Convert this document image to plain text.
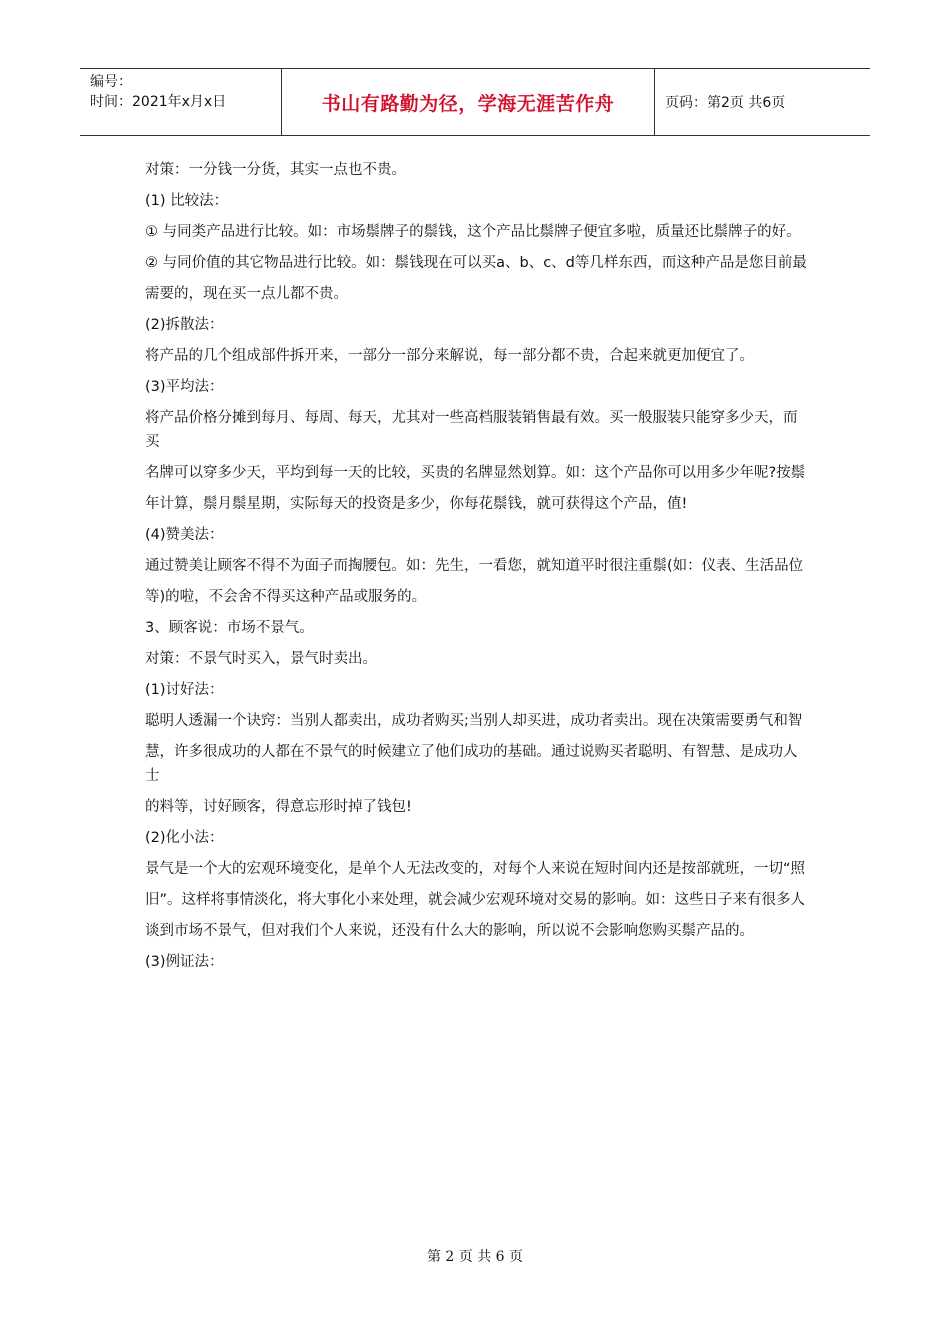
编号：
时间：2021年x月x日	书山有路勤为径，学海无涯苦作舟	页码：第2页 共6页

对策：一分钱一分货，其实一点也不贵。

(1) 比较法：

① 与同类产品进行比较。如：市场鬃牌子的鬃钱，这个产品比鬃牌子便宜多啦，质量还比鬃牌子的好。

② 与同价值的其它物品进行比较。如：鬃钱现在可以买a、b、c、d等几样东西，而这种产品是您目前最

需要的，现在买一点儿都不贵。

(2)拆散法：

将产品的几个组成部件拆开来，一部分一部分来解说，每一部分都不贵，合起来就更加便宜了。

(3)平均法：

将产品价格分摊到每月、每周、每天，尤其对一些高档服装销售最有效。买一般服装只能穿多少天，而买

名牌可以穿多少天，平均到每一天的比较，买贵的名牌显然划算。如：这个产品你可以用多少年呢?按鬃

年计算，鬃月鬃星期，实际每天的投资是多少，你每花鬃钱，就可获得这个产品，值!

(4)赞美法：

通过赞美让顾客不得不为面子而掏腰包。如：先生，一看您，就知道平时很注重鬃(如：仪表、生活品位

等)的啦，不会舍不得买这种产品或服务的。

3、顾客说：市场不景气。

对策：不景气时买入，景气时卖出。

(1)讨好法：

聪明人透漏一个诀窍：当别人都卖出，成功者购买;当别人却买进，成功者卖出。现在决策需要勇气和智

慧，许多很成功的人都在不景气的时候建立了他们成功的基础。通过说购买者聪明、有智慧、是成功人士

的料等，讨好顾客，得意忘形时掉了钱包!

(2)化小法：

景气是一个大的宏观环境变化，是单个人无法改变的，对每个人来说在短时间内还是按部就班，一切“照

旧”。这样将事情淡化，将大事化小来处理，就会减少宏观环境对交易的影响。如：这些日子来有很多人

谈到市场不景气，但对我们个人来说，还没有什么大的影响，所以说不会影响您购买鬃产品的。

(3)例证法：

第 2 页 共 6 页
